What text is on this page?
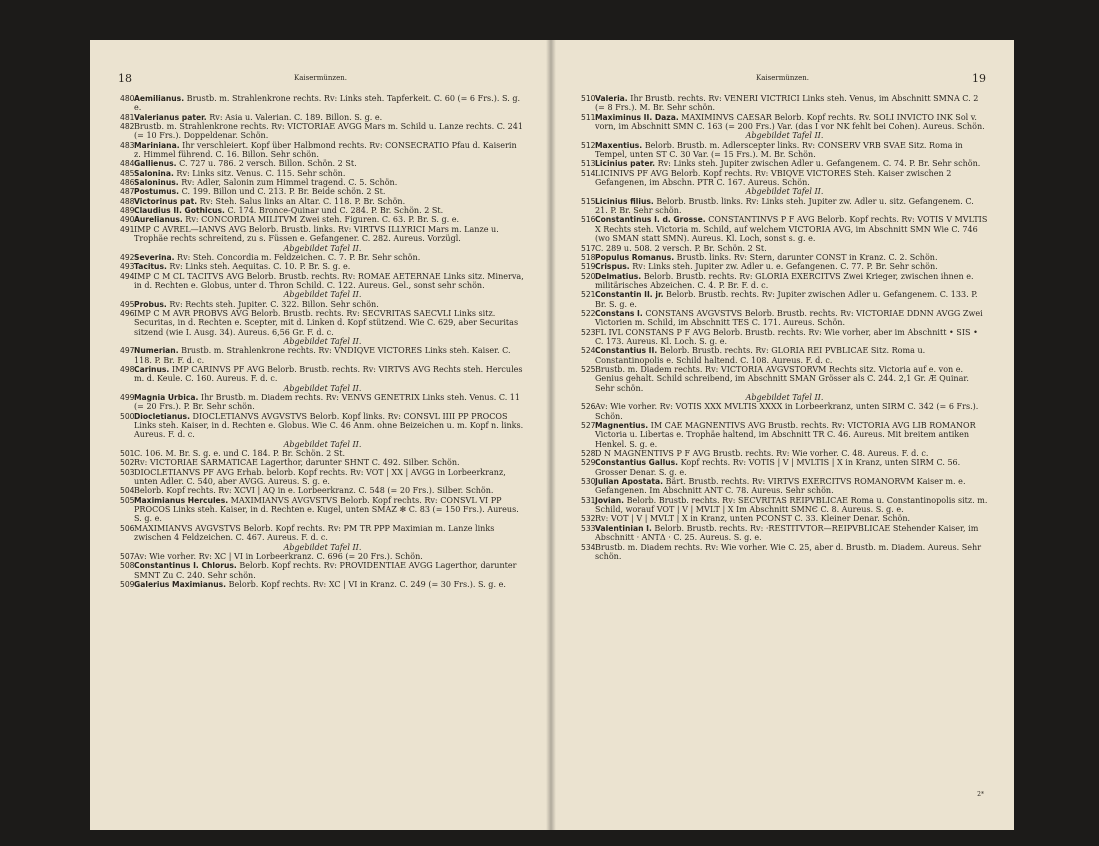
18	Kaisermünzen.
480 Aemilianus. Brustb. m. Strahlenkrone rechts. Rv: Links steh. Tapferkeit. C. 60 (= 6 Frs.). S. g. e.
481 Valerianus pater. Rv: Asia u. Valerian. C. 189. Billon. S. g. e.
482 Brustb. m. Strahlenkrone rechts. Rv: VICTORIAE AVGG Mars m. Schild u. Lanze rechts. C. 241 (= 10 Frs.). Doppeldenar. Schön.
483 Mariniana. Ihr verschleiert. Kopf über Halbmond rechts. Rv: CONSECRATIO Pfau d. Kaiserin z. Himmel führend. C. 16. Billon. Sehr schön.
484 Gallienus. C. 727 u. 786. 2 versch. Billon. Schön. 2 St.
485 Salonina. Rv: Links sitz. Venus. C. 115. Sehr schön.
486 Saloninus. Rv: Adler, Salonin zum Himmel tragend. C. 5. Schön.
487 Postumus. C. 199. Billon und C. 213. P. Br. Beide schön. 2 St.
488 Victorinus pat. Rv: Steh. Salus links an Altar. C. 118. P. Br. Schön.
489 Claudius II. Gothicus. C. 174. Bronce-Quinar und C. 284. P. Br. Schön. 2 St.
490 Aurelianus. Rv: CONCORDIA MILITVM Zwei steh. Figuren. C. 63. P. Br. S. g. e.
491 IMP C AVREL—IANVS AVG Belorb. Brustb. links. Rv: VIRTVS ILLYRICI Mars m. Lanze u. Trophäe rechts schreitend, zu s. Füssen e. Gefangener. C. 282. Aureus. Vorzügl.
Abgebildet Tafel II.
492 Severina. Rv: Steh. Concordia m. Feldzeichen. C. 7. P. Br. Sehr schön.
493 Tacitus. Rv: Links steh. Aequitas. C. 10. P. Br. S. g. e.
494 IMP C M CL TACITVS AVG Belorb. Brustb. rechts. Rv: ROMAE AETERNAE Links sitz. Minerva, in d. Rechten e. Globus, unter d. Thron Schild. C. 122. Aureus. Gel., sonst sehr schön.
Abgebildet Tafel II.
495 Probus. Rv: Rechts steh. Jupiter. C. 322. Billon. Sehr schön.
496 IMP C M AVR PROBVS AVG Belorb. Brustb. rechts. Rv: SECVRITAS SAECVLI Links sitz. Securitas, in d. Rechten e. Scepter, mit d. Linken d. Kopf stützend. Wie C. 629, aber Securitas sitzend (wie I. Ausg. 34). Aureus. 6,56 Gr. F. d. c.
Abgebildet Tafel II.
497 Numerian. Brustb. m. Strahlenkrone rechts. Rv: VNDIQVE VICTORES Links steh. Kaiser. C. 118. P. Br. F. d. c.
498 Carinus. IMP CARINVS PF AVG Belorb. Brustb. rechts. Rv: VIRTVS AVG Rechts steh. Hercules m. d. Keule. C. 160. Aureus. F. d. c.
Abgebildet Tafel II.
499 Magnia Urbica. Ihr Brustb. m. Diadem rechts. Rv: VENVS GENETRIX Links steh. Venus. C. 11 (= 20 Frs.). P. Br. Sehr schön.
500 Diocletianus. DIOCLETIANVS AVGVSTVS Belorb. Kopf links. Rv: CONSVL IIII PP PROCOS Links steh. Kaiser, in d. Rechten e. Globus. Wie C. 46 Anm. ohne Beizeichen u. m. Kopf n. links. Aureus. F. d. c.
Abgebildet Tafel II.
501 C. 106. M. Br. S. g. e. und C. 184. P. Br. Schön. 2 St.
502 Rv: VICTORIAE SARMATICAE Lagerthor, darunter SHNT C. 492. Silber. Schön.
503 DIOCLETIANVS PF AVG Erhab. belorb. Kopf rechts. Rv: VOT | XX | AVGG in Lorbeerkranz, unten Adler. C. 540, aber AVGG. Aureus. S. g. e.
504 Belorb. Kopf rechts. Rv: XCVI | AQ in e. Lorbeerkranz. C. 548 (= 20 Frs.). Silber. Schön.
505 Maximianus Hercules. MAXIMIANVS AVGVSTVS Belorb. Kopf rechts. Rv: CONSVL VI PP PROCOS Links steh. Kaiser, in d. Rechten e. Kugel, unten SMAZ ✻ C. 83 (= 150 Frs.). Aureus. S. g. e.
506 MAXIMIANVS AVGVSTVS Belorb. Kopf rechts. Rv: PM TR PPP Maximian m. Lanze links zwischen 4 Feldzeichen. C. 467. Aureus. F. d. c.
Abgebildet Tafel II.
507 Av: Wie vorher. Rv: XC | VI in Lorbeerkranz. C. 696 (= 20 Frs.). Schön.
508 Constantinus I. Chlorus. Belorb. Kopf rechts. Rv: PROVIDENTIAE AVGG Lagerthor, darunter SMNT Zu C. 240. Sehr schön.
509 Galerius Maximianus. Belorb. Kopf rechts. Rv: XC | VI in Kranz. C. 249 (= 30 Frs.). S. g. e.
Kaisermünzen.	19
510 Valeria. Ihr Brustb. rechts. Rv: VENERI VICTRICI Links steh. Venus, im Abschnitt SMNA C. 2 (= 8 Frs.). M. Br. Sehr schön.
511 Maximinus II. Daza. MAXIMINVS CAESAR Belorb. Kopf rechts. Rv. SOLI INVICTO INK Sol v. vorn, im Abschnitt SMN C. 163 (= 200 Frs.) Var. (das I vor NK fehlt bei Cohen). Aureus. Schön.
Abgebildet Tafel II.
512 Maxentius. Belorb. Brustb. m. Adlerscepter links. Rv: CONSERV VRB SVAE Sitz. Roma in Tempel, unten ST C. 30 Var. (= 15 Frs.). M. Br. Schön.
513 Licinius pater. Rv: Links steh. Jupiter zwischen Adler u. Gefangenem. C. 74. P. Br. Sehr schön.
514 LICINIVS PF AVG Belorb. Kopf rechts. Rv: VBIQVE VICTORES Steh. Kaiser zwischen 2 Gefangenen, im Abschn. PTR C. 167. Aureus. Schön.
Abgebildet Tafel II.
515 Licinius filius. Belorb. Brustb. links. Rv: Links steh. Jupiter zw. Adler u. sitz. Gefangenem. C. 21. P. Br. Sehr schön.
516 Constantinus I. d. Grosse. CONSTANTINVS P F AVG Belorb. Kopf rechts. Rv: VOTIS V MVLTIS X Rechts steh. Victoria m. Schild, auf welchem VICTORIA AVG, im Abschnitt SMN Wie C. 746 (wo SMAN statt SMN). Aureus. Kl. Loch, sonst s. g. e.
517 C. 289 u. 508. 2 versch. P. Br. Schön. 2 St.
518 Populus Romanus. Brustb. links. Rv: Stern, darunter CONST in Kranz. C. 2. Schön.
519 Crispus. Rv: Links steh. Jupiter zw. Adler u. e. Gefangenen. C. 77. P. Br. Sehr schön.
520 Delmatius. Belorb. Brustb. rechts. Rv: GLORIA EXERCITVS Zwei Krieger, zwischen ihnen e. militärisches Abzeichen. C. 4. P. Br. F. d. c.
521 Constantin II. jr. Belorb. Brustb. rechts. Rv: Jupiter zwischen Adler u. Gefangenem. C. 133. P. Br. S. g. e.
522 Constans I. CONSTANS AVGVSTVS Belorb. Brustb. rechts. Rv: VICTORIAE DDNN AVGG Zwei Victorien m. Schild, im Abschnitt TES C. 171. Aureus. Schön.
523 FL IVL CONSTANS P F AVG Belorb. Brustb. rechts. Rv: Wie vorher, aber im Abschnitt • SIS • C. 173. Aureus. Kl. Loch. S. g. e.
524 Constantius II. Belorb. Brustb. rechts. Rv: GLORIA REI PVBLICAE Sitz. Roma u. Constantinopolis e. Schild haltend. C. 108. Aureus. F. d. c.
525 Brustb. m. Diadem rechts. Rv: VICTORIA AVGVSTORVM Rechts sitz. Victoria auf e. von e. Genius gehalt. Schild schreibend, im Abschnitt SMAN Grösser als C. 244. 2,1 Gr. Æ Quinar. Sehr schön.
Abgebildet Tafel II.
526 Av: Wie vorher. Rv: VOTIS XXX MVLTIS XXXX in Lorbeerkranz, unten SIRM C. 342 (= 6 Frs.). Schön.
527 Magnentius. IM CAE MAGNENTIVS AVG Brustb. rechts. Rv: VICTORIA AVG LIB ROMANOR Victoria u. Libertas e. Trophäe haltend, im Abschnitt TR C. 46. Aureus. Mit breitem antiken Henkel. S. g. e.
528 D N MAGNENTIVS P F AVG Brustb. rechts. Rv: Wie vorher. C. 48. Aureus. F. d. c.
529 Constantius Gallus. Kopf rechts. Rv: VOTIS | V | MVLTIS | X in Kranz, unten SIRM C. 56. Grosser Denar. S. g. e.
530 Julian Apostata. Bärt. Brustb. rechts. Rv: VIRTVS EXERCITVS ROMANORVM Kaiser m. e. Gefangenen. Im Abschnitt ANT C. 78. Aureus. Sehr schön.
531 Jovian. Belorb. Brustb. rechts. Rv: SECVRITAS REIPVBLICAE Roma u. Constantinopolis sitz. m. Schild, worauf VOT | V | MVLT | X Im Abschnitt SMNЄ C. 8. Aureus. S. g. e.
532 Rv: VOT | V | MVLT | X in Kranz, unten PCONST C. 33. Kleiner Denar. Schön.
533 Valentinian I. Belorb. Brustb. rechts. Rv: ·RESTITVTOR—REIPVBLICAE Stehender Kaiser, im Abschnitt · ANTΔ · C. 25. Aureus. S. g. e.
534 Brustb. m. Diadem rechts. Rv: Wie vorher. Wie C. 25, aber d. Brustb. m. Diadem. Aureus. Sehr schön.
2*
